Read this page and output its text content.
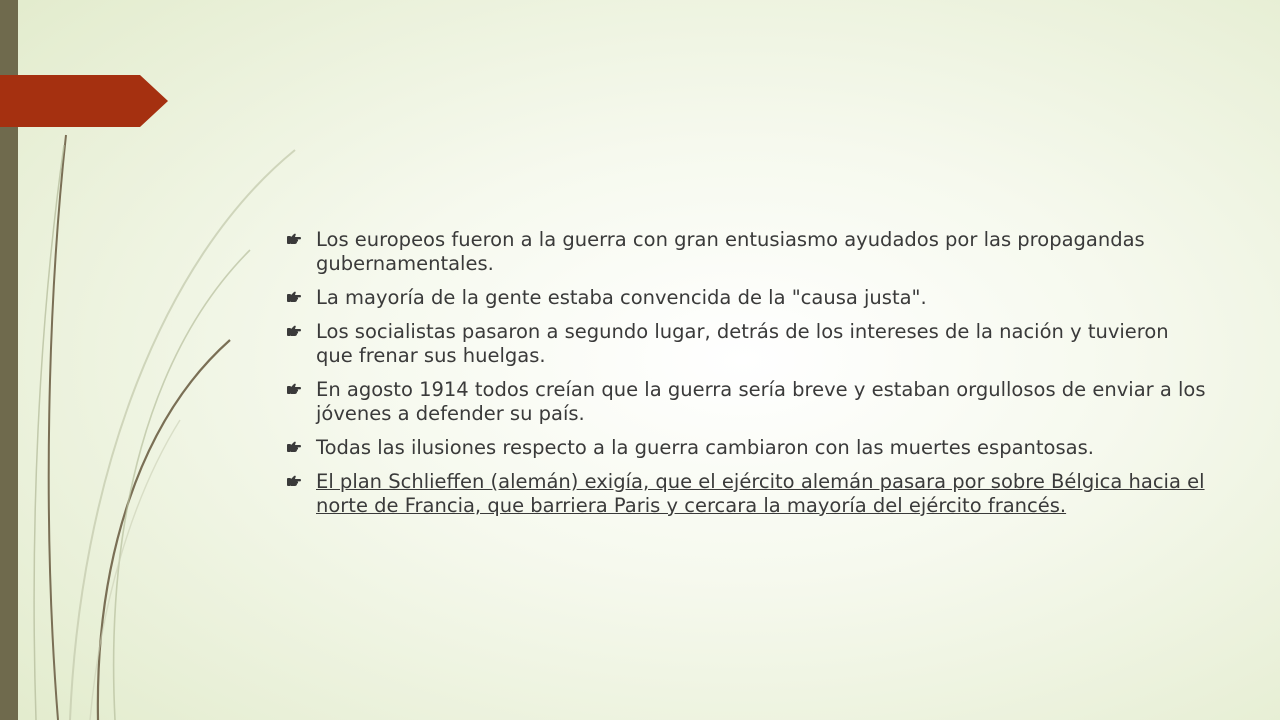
Los europeos fueron a la guerra con gran entusiasmo ayudados por las propagandas gubernamentales.
La mayoría de la gente estaba convencida de la "causa justa".
Los socialistas pasaron a segundo lugar, detrás de los intereses de la nación y tuvieron que frenar sus huelgas.
En agosto 1914 todos creían que la guerra sería breve y estaban orgullosos de enviar a los jóvenes a defender su país.
Todas las ilusiones respecto a la guerra cambiaron con las muertes espantosas.
El plan Schlieffen (alemán) exigía, que el ejército alemán pasara por sobre Bélgica hacia el norte de Francia, que barriera Paris y cercara la mayoría del ejército francés.
